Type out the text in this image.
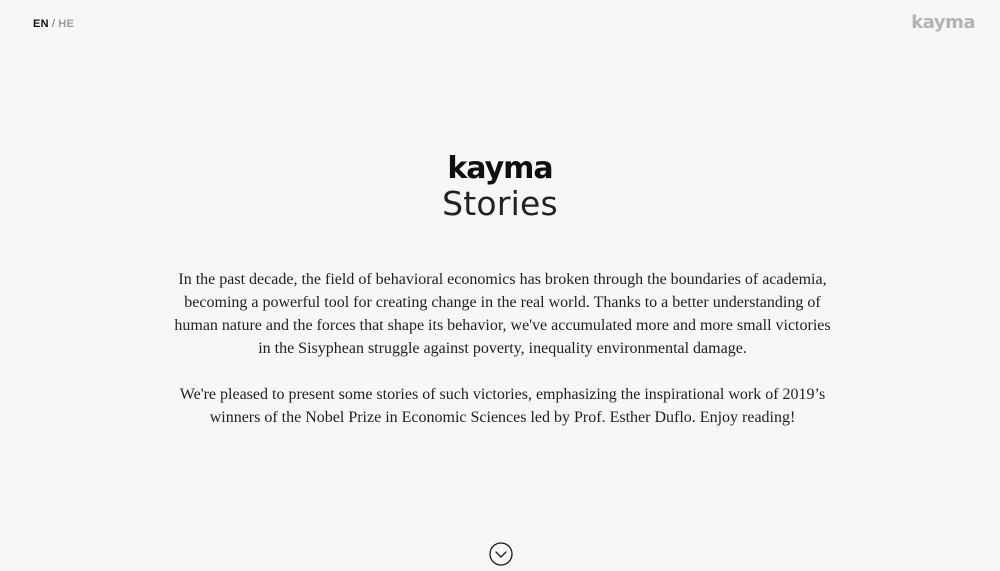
EN / HE	kayma
kayma
Stories

In the past decade, the field of behavioral economics has broken through the boundaries of academia, becoming a powerful tool for creating change in the real world. Thanks to a better understanding of human nature and the forces that shape its behavior, we've accumulated more and more small victories in the Sisyphean struggle against poverty, inequality environmental damage.

We're pleased to present some stories of such victories, emphasizing the inspirational work of 2019’s winners of the Nobel Prize in Economic Sciences led by Prof. Esther Duflo. Enjoy reading!
